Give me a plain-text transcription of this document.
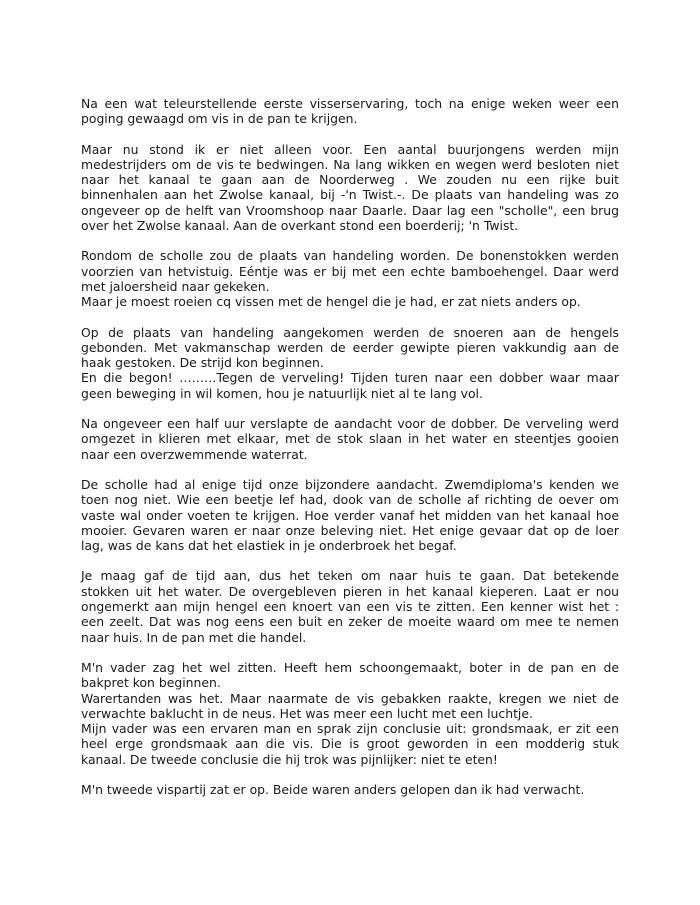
Na een wat teleurstellende eerste visserservaring, toch na enige weken weer een
poging gewaagd om vis in de pan te krijgen.

Maar nu stond ik er niet alleen voor. Een aantal buurjongens werden mijn
medestrijders om de vis te bedwingen. Na lang wikken en wegen werd besloten niet
naar het kanaal te gaan aan de Noorderweg . We zouden nu een rijke buit
binnenhalen aan het Zwolse kanaal, bij -'n Twist.-. De plaats van handeling was zo
ongeveer op de helft van Vroomshoop naar Daarle. Daar lag een "scholle", een brug
over het Zwolse kanaal. Aan de overkant stond een boerderij; 'n Twist.

Rondom de scholle zou de plaats van handeling worden. De bonenstokken werden
voorzien van hetvistuig. Eéntje was er bij met een echte bamboehengel. Daar werd
met jaloersheid naar gekeken.
Maar je moest roeien cq vissen met de hengel die je had, er zat niets anders op.

Op de plaats van handeling aangekomen werden de snoeren aan de hengels
gebonden. Met vakmanschap werden de eerder gewipte pieren vakkundig aan de
haak gestoken. De strijd kon beginnen.
En die begon! ………Tegen de verveling! Tijden turen naar een dobber waar maar
geen beweging in wil komen, hou je natuurlijk niet al te lang vol.

Na ongeveer een half uur verslapte de aandacht voor de dobber. De verveling werd
omgezet in klieren met elkaar, met de stok slaan in het water en steentjes gooien
naar een overzwemmende waterrat.

De scholle had al enige tijd onze bijzondere aandacht. Zwemdiploma's kenden we
toen nog niet. Wie een beetje lef had, dook van de scholle af richting de oever om
vaste wal onder voeten te krijgen. Hoe verder vanaf het midden van het kanaal hoe
mooier. Gevaren waren er naar onze beleving niet. Het enige gevaar dat op de loer
lag, was de kans dat het elastiek in je onderbroek het begaf.

Je maag gaf de tijd aan, dus het teken om naar huis te gaan. Dat betekende
stokken uit het water. De overgebleven pieren in het kanaal kieperen. Laat er nou
ongemerkt aan mijn hengel een knoert van een vis te zitten. Een kenner wist het :
een zeelt. Dat was nog eens een buit en zeker de moeite waard om mee te nemen
naar huis. In de pan met die handel.

M'n vader zag het wel zitten. Heeft hem schoongemaakt, boter in de pan en de
bakpret kon beginnen.
Warertanden was het. Maar naarmate de vis gebakken raakte, kregen we niet de
verwachte baklucht in de neus. Het was meer een lucht met een luchtje.
Mijn vader was een ervaren man en sprak zijn conclusie uit: grondsmaak, er zit een
heel erge grondsmaak aan die vis. Die is groot geworden in een modderig stuk
kanaal. De tweede conclusie die hij trok was pijnlijker: niet te eten!

M'n tweede vispartij zat er op. Beide waren anders gelopen dan ik had verwacht.
